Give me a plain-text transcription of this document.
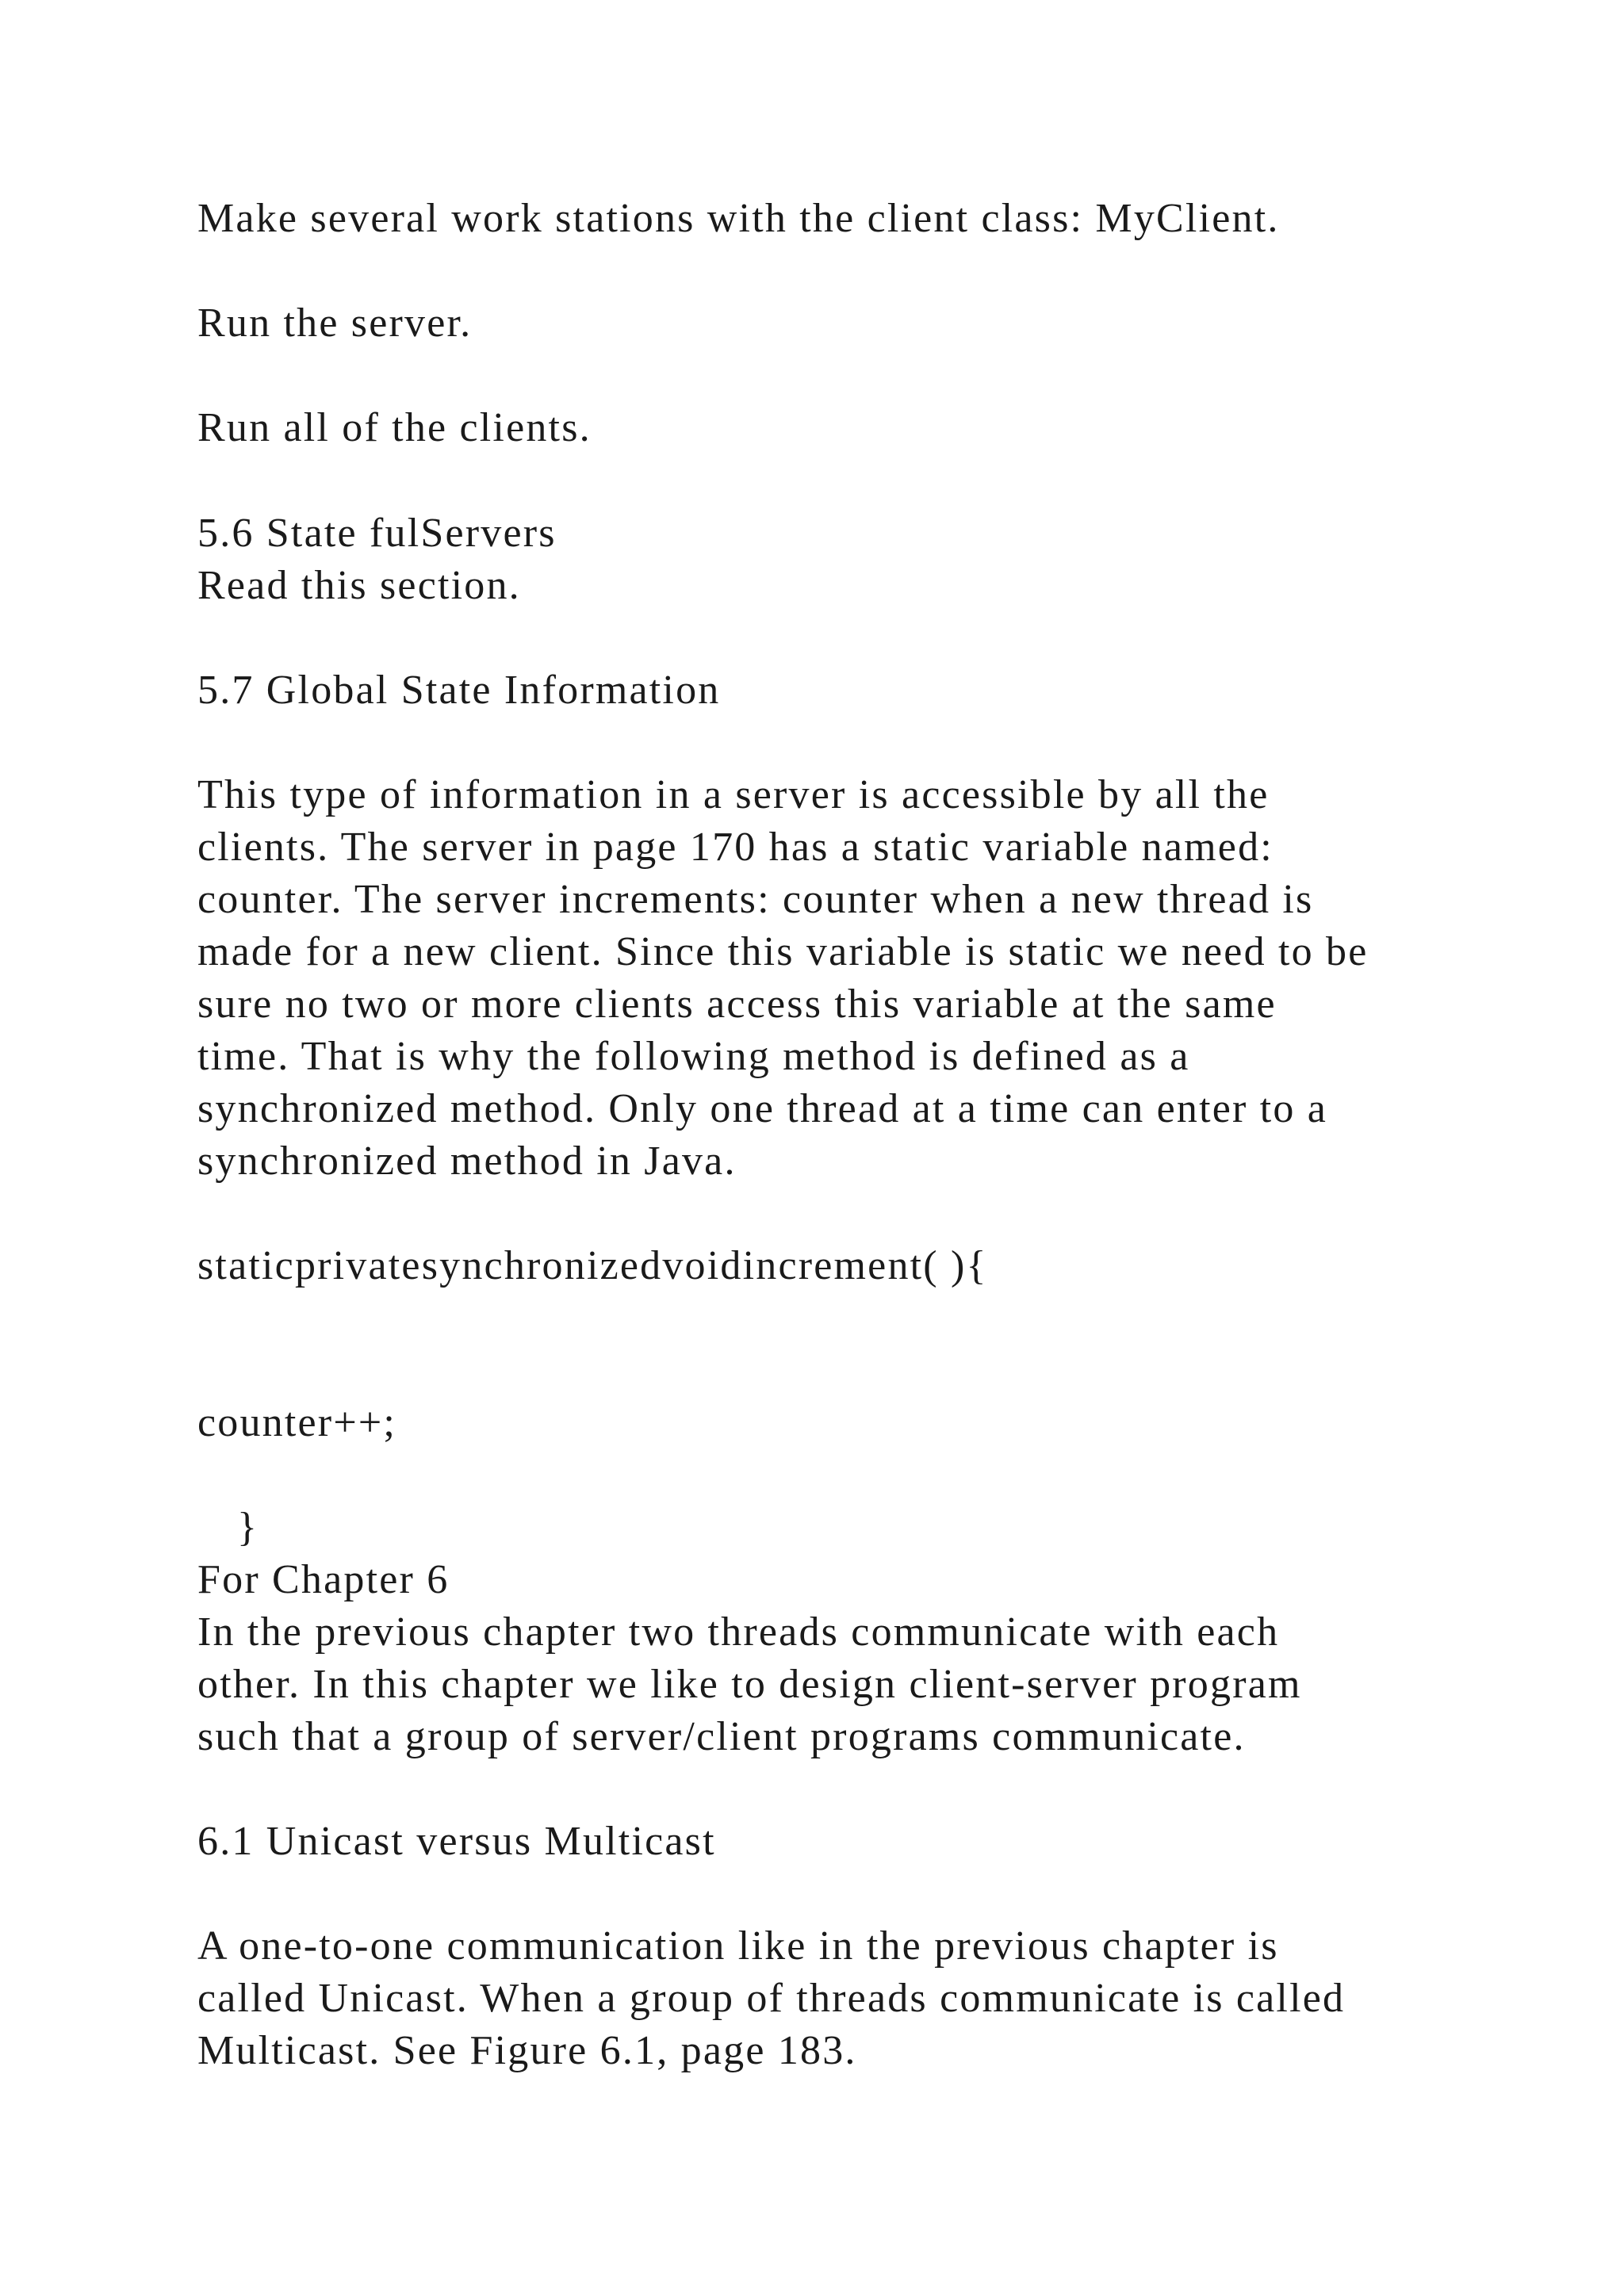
Make several work stations with the client class: MyClient.
Run the server.
Run all of the clients.
5.6 State fulServers
Read this section.
5.7 Global State Information
This type of information in a server is accessible by all the
clients. The server in page 170 has a static variable named:
counter. The server increments: counter when a new thread is
made for a new client. Since this variable is static we need to be
sure no two or more clients access this variable at the same
time. That is why the following method is defined as a
synchronized method. Only one thread at a time can enter to a
synchronized method in Java.
staticprivatesynchronizedvoidincrement( ){
counter++;
}
For Chapter 6
In the previous chapter two threads communicate with each
other. In this chapter we like to design client-server program
such that a group of server/client programs communicate.
6.1 Unicast versus Multicast
A one-to-one communication like in the previous chapter is
called Unicast. When a group of threads communicate is called
Multicast. See Figure 6.1, page 183.
